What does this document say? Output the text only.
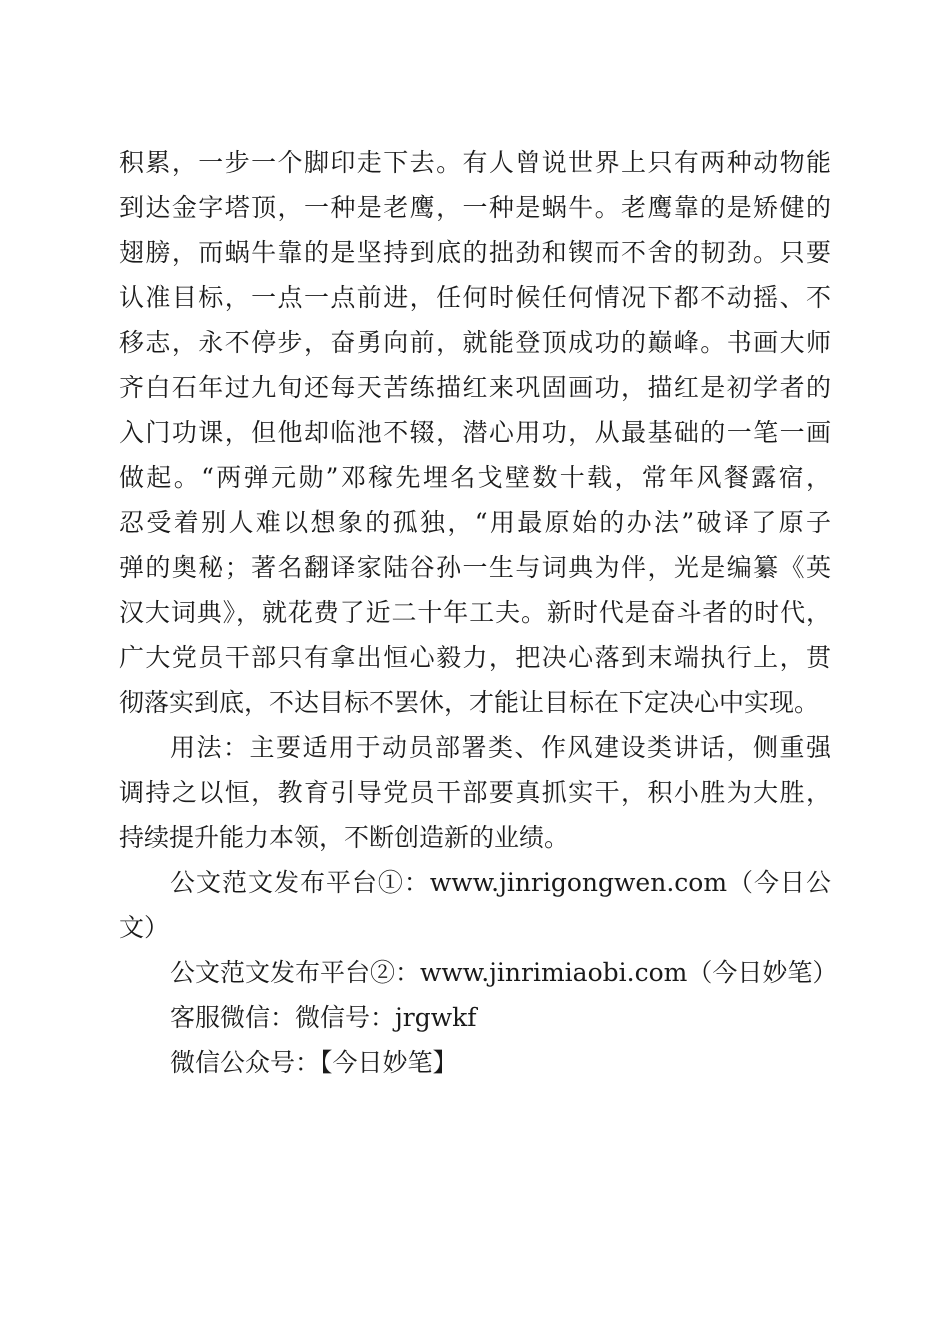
积累，一步一个脚印走下去。有人曾说世界上只有两种动物能
到达金字塔顶，一种是老鹰，一种是蜗牛。老鹰靠的是矫健的
翅膀，而蜗牛靠的是坚持到底的拙劲和锲而不舍的韧劲。只要
认准目标，一点一点前进，任何时候任何情况下都不动摇、不
移志，永不停步，奋勇向前，就能登顶成功的巅峰。书画大师
齐白石年过九旬还每天苦练描红来巩固画功，描红是初学者的
入门功课，但他却临池不辍，潜心用功，从最基础的一笔一画
做起。“两弹元勋”邓稼先埋名戈壁数十载，常年风餐露宿，
忍受着别人难以想象的孤独，“用最原始的办法”破译了原子
弹的奥秘；著名翻译家陆谷孙一生与词典为伴，光是编纂《英
汉大词典》，就花费了近二十年工夫。新时代是奋斗者的时代，
广大党员干部只有拿出恒心毅力，把决心落到末端执行上，贯
彻落实到底，不达目标不罢休，才能让目标在下定决心中实现。
用法：主要适用于动员部署类、作风建设类讲话，侧重强
调持之以恒，教育引导党员干部要真抓实干，积小胜为大胜，
持续提升能力本领，不断创造新的业绩。
公文范文发布平台①：www.jinrigongwen.com（今日公
文）
公文范文发布平台②：www.jinrimiaobi.com（今日妙笔）
客服微信：微信号：jrgwkf
微信公众号：【今日妙笔】
